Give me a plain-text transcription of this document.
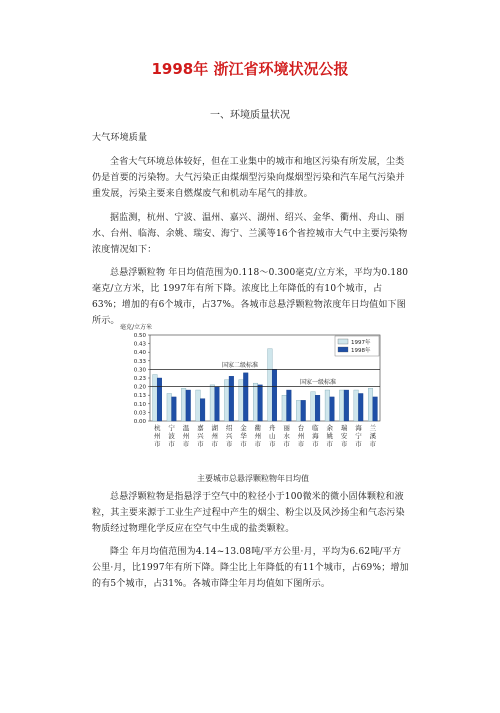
1998年 浙江省环境状况公报

一、环境质量状况

大气环境质量

全省大气环境总体较好，但在工业集中的城市和地区污染有所发展，尘类仍是首要的污染物。大气污染正由煤烟型污染向煤烟型污染和汽车尾气污染并重发展，污染主要来自燃煤废气和机动车尾气的排放。

据监测，杭州、宁波、温州、嘉兴、湖州、绍兴、金华、衢州、舟山、丽水、台州、临海、余姚、瑞安、海宁、兰溪等16个省控城市大气中主要污染物浓度情况如下：

总悬浮颗粒物 年日均值范围为0.118～0.300毫克/立方米，平均为0.180毫克/立方米，比 1997年有所下降。浓度比上年降低的有10个城市，占63%；增加的有6个城市，占37%。各城市总悬浮颗粒物浓度年日均值如下图所示。

毫克/立方米
0.50
0.43
0.40
0.33
0.30
0.23
0.20
0.13
0.10
0.03
0.00
杭
州
市
宁
波
市
温
州
市
嘉
兴
市
湖
州
市
绍
兴
市
金
华
市
衢
州
市
舟
山
市
丽
水
市
台
州
市
临
海
市
余
姚
市
瑞
安
市
海
宁
市
兰
溪
市
国家二级标准
国家一级标准
1997年
1998年

主要城市总悬浮颗粒物年日均值

总悬浮颗粒物是指悬浮于空气中的粒径小于100微米的微小固体颗粒和液粒，其主要来源于工业生产过程中产生的烟尘、粉尘以及风沙扬尘和气态污染物质经过物理化学反应在空气中生成的盐类颗粒。

降尘 年月均值范围为4.14~13.08吨/平方公里·月，平均为6.62吨/平方公里·月，比1997年有所下降。降尘比上年降低的有11个城市，占69%；增加的有5个城市，占31%。各城市降尘年月均值如下图所示。
